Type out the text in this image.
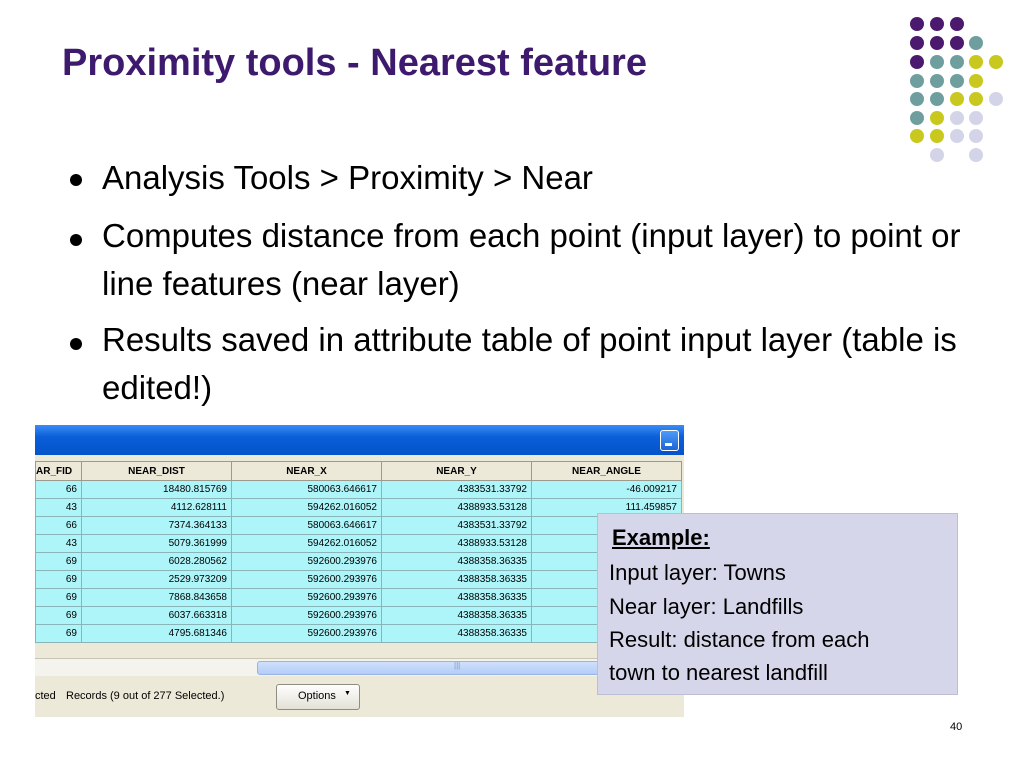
Proximity tools - Nearest feature
Analysis Tools > Proximity > Near
Computes distance from each point (input layer) to point or line features (near layer)
Results saved in attribute table of point input layer (table is edited!)
AR_FID	NEAR_DIST	NEAR_X	NEAR_Y	NEAR_ANGLE
66	18480.815769	580063.646617	4383531.33792	-46.009217
43	4112.628111	594262.016052	4388933.53128	111.459857
66	7374.364133	580063.646617	4383531.33792	
43	5079.361999	594262.016052	4388933.53128	
69	6028.280562	592600.293976	4388358.36335	
69	2529.973209	592600.293976	4388358.36335	
69	7868.843658	592600.293976	4388358.36335	
69	6037.663318	592600.293976	4388358.36335	
69	4795.681346	592600.293976	4388358.36335	
|||
cted Records (9 out of 277 Selected.)	Options ▼
Example:
Input layer: Towns
Near layer: Landfills
Result: distance from each
town to nearest landfill
40
